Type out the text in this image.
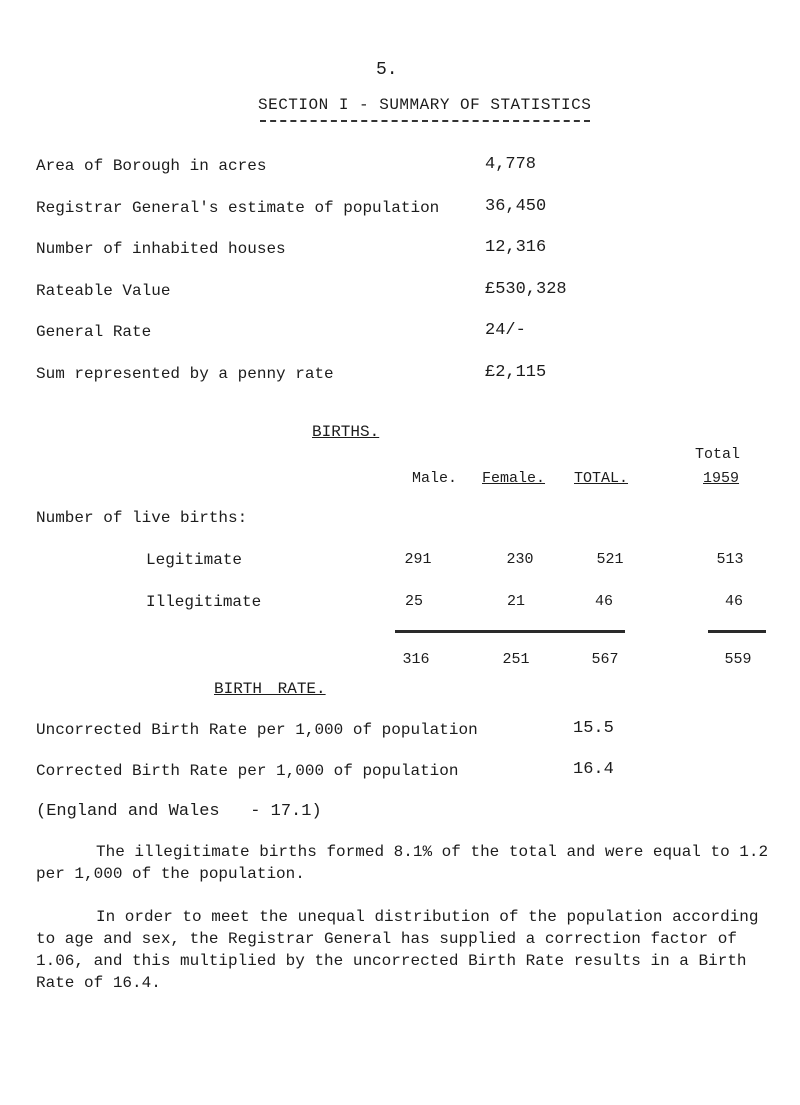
5.
SECTION I - SUMMARY OF STATISTICS
Area of Borough in acres	4,778
Registrar General's estimate of population	36,450
Number of inhabited houses	12,316
Rateable Value	£530,328
General Rate	24/-
Sum represented by a penny rate	£2,115
BIRTHS.
Total
Male. Female. TOTAL.	1959
Number of live births:
Legitimate	291	230	521	513
Illegitimate	25	21	46	46
316	251	567	559
BIRTH RATE.
Uncorrected Birth Rate per 1,000 of population	15.5
Corrected Birth Rate per 1,000 of population	16.4
(England and Wales   - 17.1)
The illegitimate births formed 8.1% of the total and were equal to 1.2 per 1,000 of the population.
In order to meet the unequal distribution of the population according to age and sex, the Registrar General has supplied a correction factor of 1.06, and this multiplied by the uncorrected Birth Rate results in a Birth Rate of 16.4.
